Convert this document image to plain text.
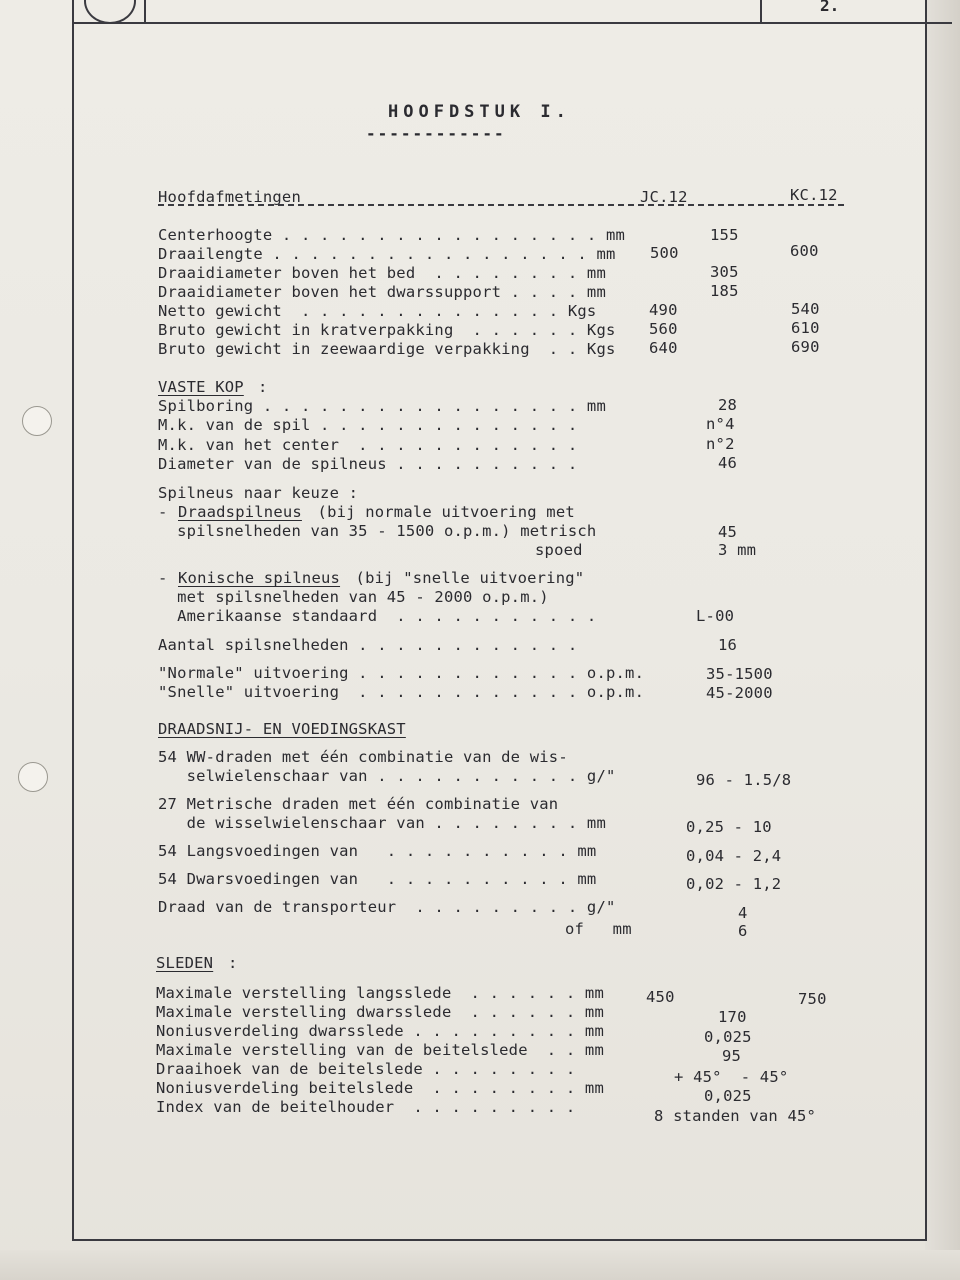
2.
HOOFDSTUK I.
------------
Hoofdafmetingen	JC.12	KC.12
Centerhoogte . . . . . . . . . . . . . . . . . mm	155
Draailengte . . . . . . . . . . . . . . . . . mm 500	600
Draaidiameter boven het bed  . . . . . . . . mm	305
Draaidiameter boven het dwarssupport . . . . mm	185
Netto gewicht  . . . . . . . . . . . . . . Kgs	490	540
Bruto gewicht in kratverpakking  . . . . . . Kgs 560	610
Bruto gewicht in zeewaardige verpakking  . . Kgs 640	690
VASTE KOP :
Spilboring . . . . . . . . . . . . . . . . . mm	28
M.k. van de spil . . . . . . . . . . . . . .	n°4
M.k. van het center  . . . . . . . . . . . .	n°2
Diameter van de spilneus . . . . . . . . . .	46
Spilneus naar keuze :
- Draadspilneus (bij normale uitvoering met
spilsnelheden van 35 - 1500 o.p.m.) metrisch	45
spoed	3 mm
- Konische spilneus (bij "snelle uitvoering"
met spilsnelheden van 45 - 2000 o.p.m.)
Amerikaanse standaard  . . . . . . . . . . .	L-00
Aantal spilsnelheden . . . . . . . . . . . .	16
"Normale" uitvoering . . . . . . . . . . . . o.p.m.	35-1500
"Snelle" uitvoering  . . . . . . . . . . . . o.p.m.	45-2000
DRAADSNIJ- EN VOEDINGSKAST
54 WW-draden met één combinatie van de wis-
selwielenschaar van . . . . . . . . . . . g/"	96 - 1.5/8
27 Metrische draden met één combinatie van
de wisselwielenschaar van . . . . . . . . mm	0,25 - 10
54 Langsvoedingen van   . . . . . . . . . . mm	0,04 - 2,4
54 Dwarsvoedingen van   . . . . . . . . . . mm	0,02 - 1,2
Draad van de transporteur  . . . . . . . . . g/"	4
of   mm	6
SLEDEN :
Maximale verstelling langsslede  . . . . . . mm	450	750
Maximale verstelling dwarsslede  . . . . . . mm	170
Noniusverdeling dwarsslede . . . . . . . . . mm	0,025
Maximale verstelling van de beitelslede  . . mm	95
Draaihoek van de beitelslede . . . . . . . .	+ 45°  - 45°
Noniusverdeling beitelslede  . . . . . . . . mm	0,025
Index van de beitelhouder  . . . . . . . . .	8 standen van 45°
